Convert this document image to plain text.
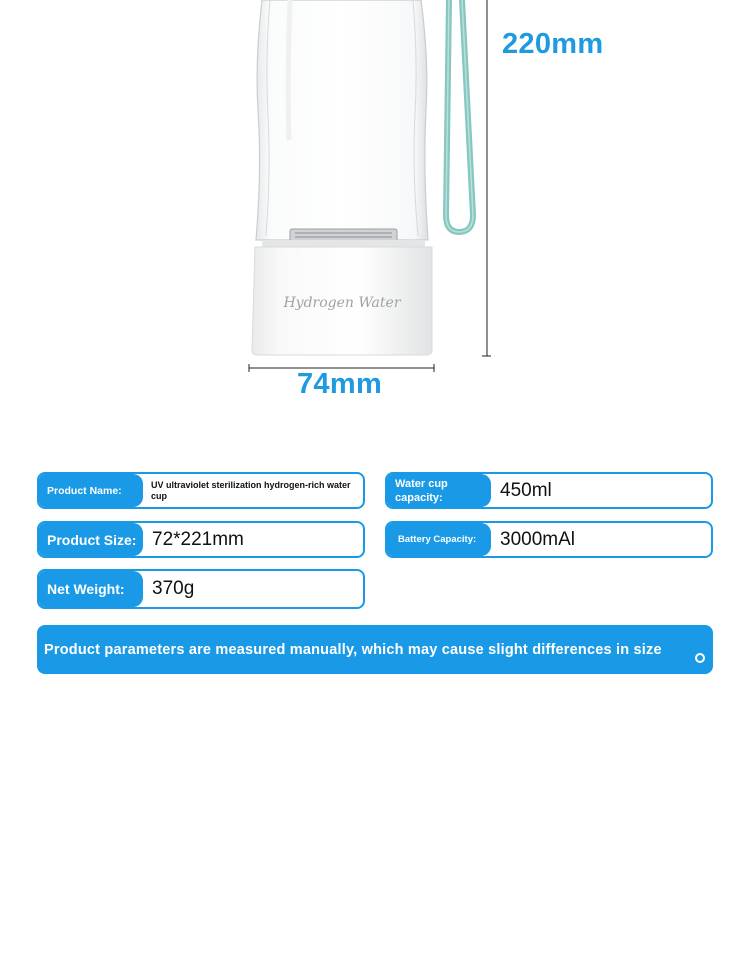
Hydrogen Water
220mm
74mm
Product Name:	UV ultraviolet sterilization hydrogen-rich water cup
Water cup capacity:	450ml
Product Size: 72*221mm	Battery Capacity:	3000mAl
Net Weight:	370g
Product parameters are measured manually, which may cause slight differences in size
